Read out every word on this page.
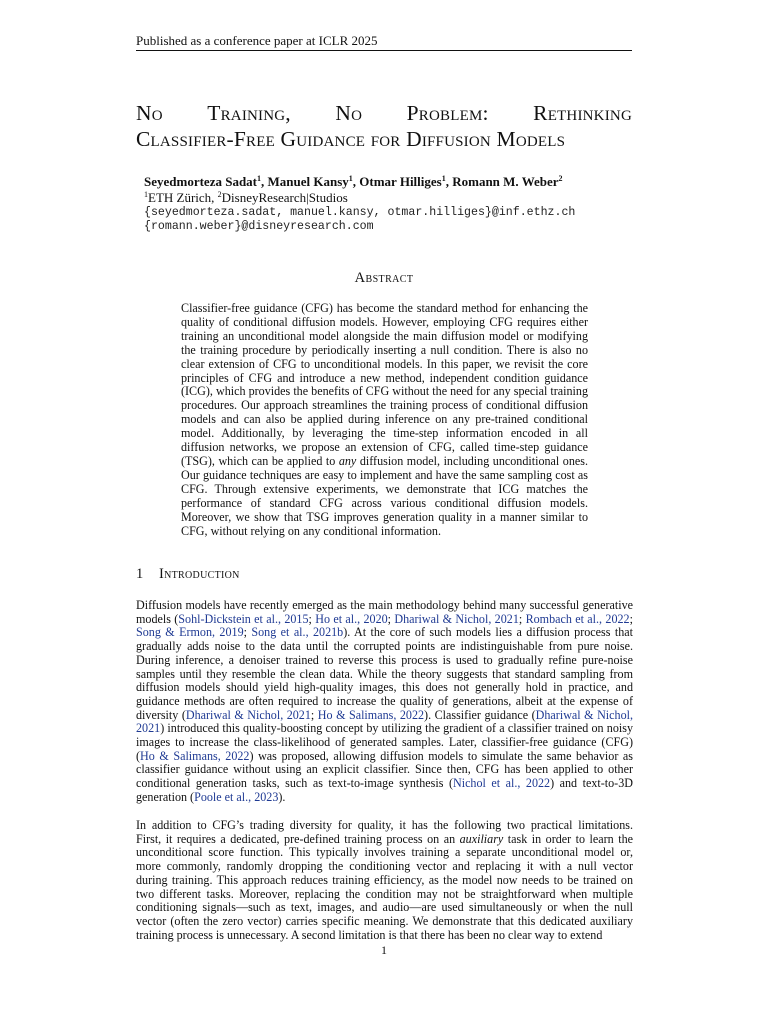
Published as a conference paper at ICLR 2025
No Training, No Problem: Rethinking
Classifier-Free Guidance for Diffusion Models
Seyedmorteza Sadat$^1$, Manuel Kansy$^1$, Otmar Hilliges$^1$, Romann M. Weber$^2$
$^1$ETH Zürich, $^2$DisneyResearch|Studios
{seyedmorteza.sadat, manuel.kansy, otmar.hilliges}@inf.ethz.ch
{romann.weber}@disneyresearch.com
Abstract
Classifier-free guidance (CFG) has become the standard method for enhancing the quality of conditional diffusion models. However, employing CFG requires either training an unconditional model alongside the main diffusion model or modifying the training procedure by periodically inserting a null condition. There is also no clear extension of CFG to unconditional models. In this paper, we revisit the core principles of CFG and introduce a new method, independent condition guidance (ICG), which provides the benefits of CFG without the need for any special training procedures. Our approach streamlines the training process of conditional diffusion models and can also be applied during inference on any pre-trained conditional model. Additionally, by leveraging the time-step information encoded in all diffusion networks, we propose an extension of CFG, called time-step guidance (TSG), which can be applied to any diffusion model, including unconditional ones. Our guidance techniques are easy to implement and have the same sampling cost as CFG. Through extensive experiments, we demonstrate that ICG matches the performance of standard CFG across various conditional diffusion models. Moreover, we show that TSG improves generation quality in a manner similar to CFG, without relying on any conditional information.
1 Introduction
Diffusion models have recently emerged as the main methodology behind many successful generative
models (Sohl-Dickstein et al., 2015; Ho et al., 2020; Dhariwal & Nichol, 2021; Rombach et al., 2022;
Song & Ermon, 2019; Song et al., 2021b). At the core of such models lies a diffusion process that
gradually adds noise to the data until the corrupted points are indistinguishable from pure noise.
During inference, a denoiser trained to reverse this process is used to gradually refine pure-noise
samples until they resemble the clean data. While the theory suggests that standard sampling from
diffusion models should yield high-quality images, this does not generally hold in practice, and
guidance methods are often required to increase the quality of generations, albeit at the expense of
diversity (Dhariwal & Nichol, 2021; Ho & Salimans, 2022). Classifier guidance (Dhariwal & Nichol,
2021) introduced this quality-boosting concept by utilizing the gradient of a classifier trained on noisy
images to increase the class-likelihood of generated samples. Later, classifier-free guidance (CFG)
(Ho & Salimans, 2022) was proposed, allowing diffusion models to simulate the same behavior as
classifier guidance without using an explicit classifier. Since then, CFG has been applied to other
conditional generation tasks, such as text-to-image synthesis (Nichol et al., 2022) and text-to-3D
generation (Poole et al., 2023).
In addition to CFG’s trading diversity for quality, it has the following two practical limitations.
First, it requires a dedicated, pre-defined training process on an auxiliary task in order to learn the
unconditional score function. This typically involves training a separate unconditional model or,
more commonly, randomly dropping the conditioning vector and replacing it with a null vector
during training. This approach reduces training efficiency, as the model now needs to be trained on
two different tasks. Moreover, replacing the condition may not be straightforward when multiple
conditioning signals—such as text, images, and audio—are used simultaneously or when the null
vector (often the zero vector) carries specific meaning. We demonstrate that this dedicated auxiliary
training process is unnecessary. A second limitation is that there has been no clear way to extend
1
